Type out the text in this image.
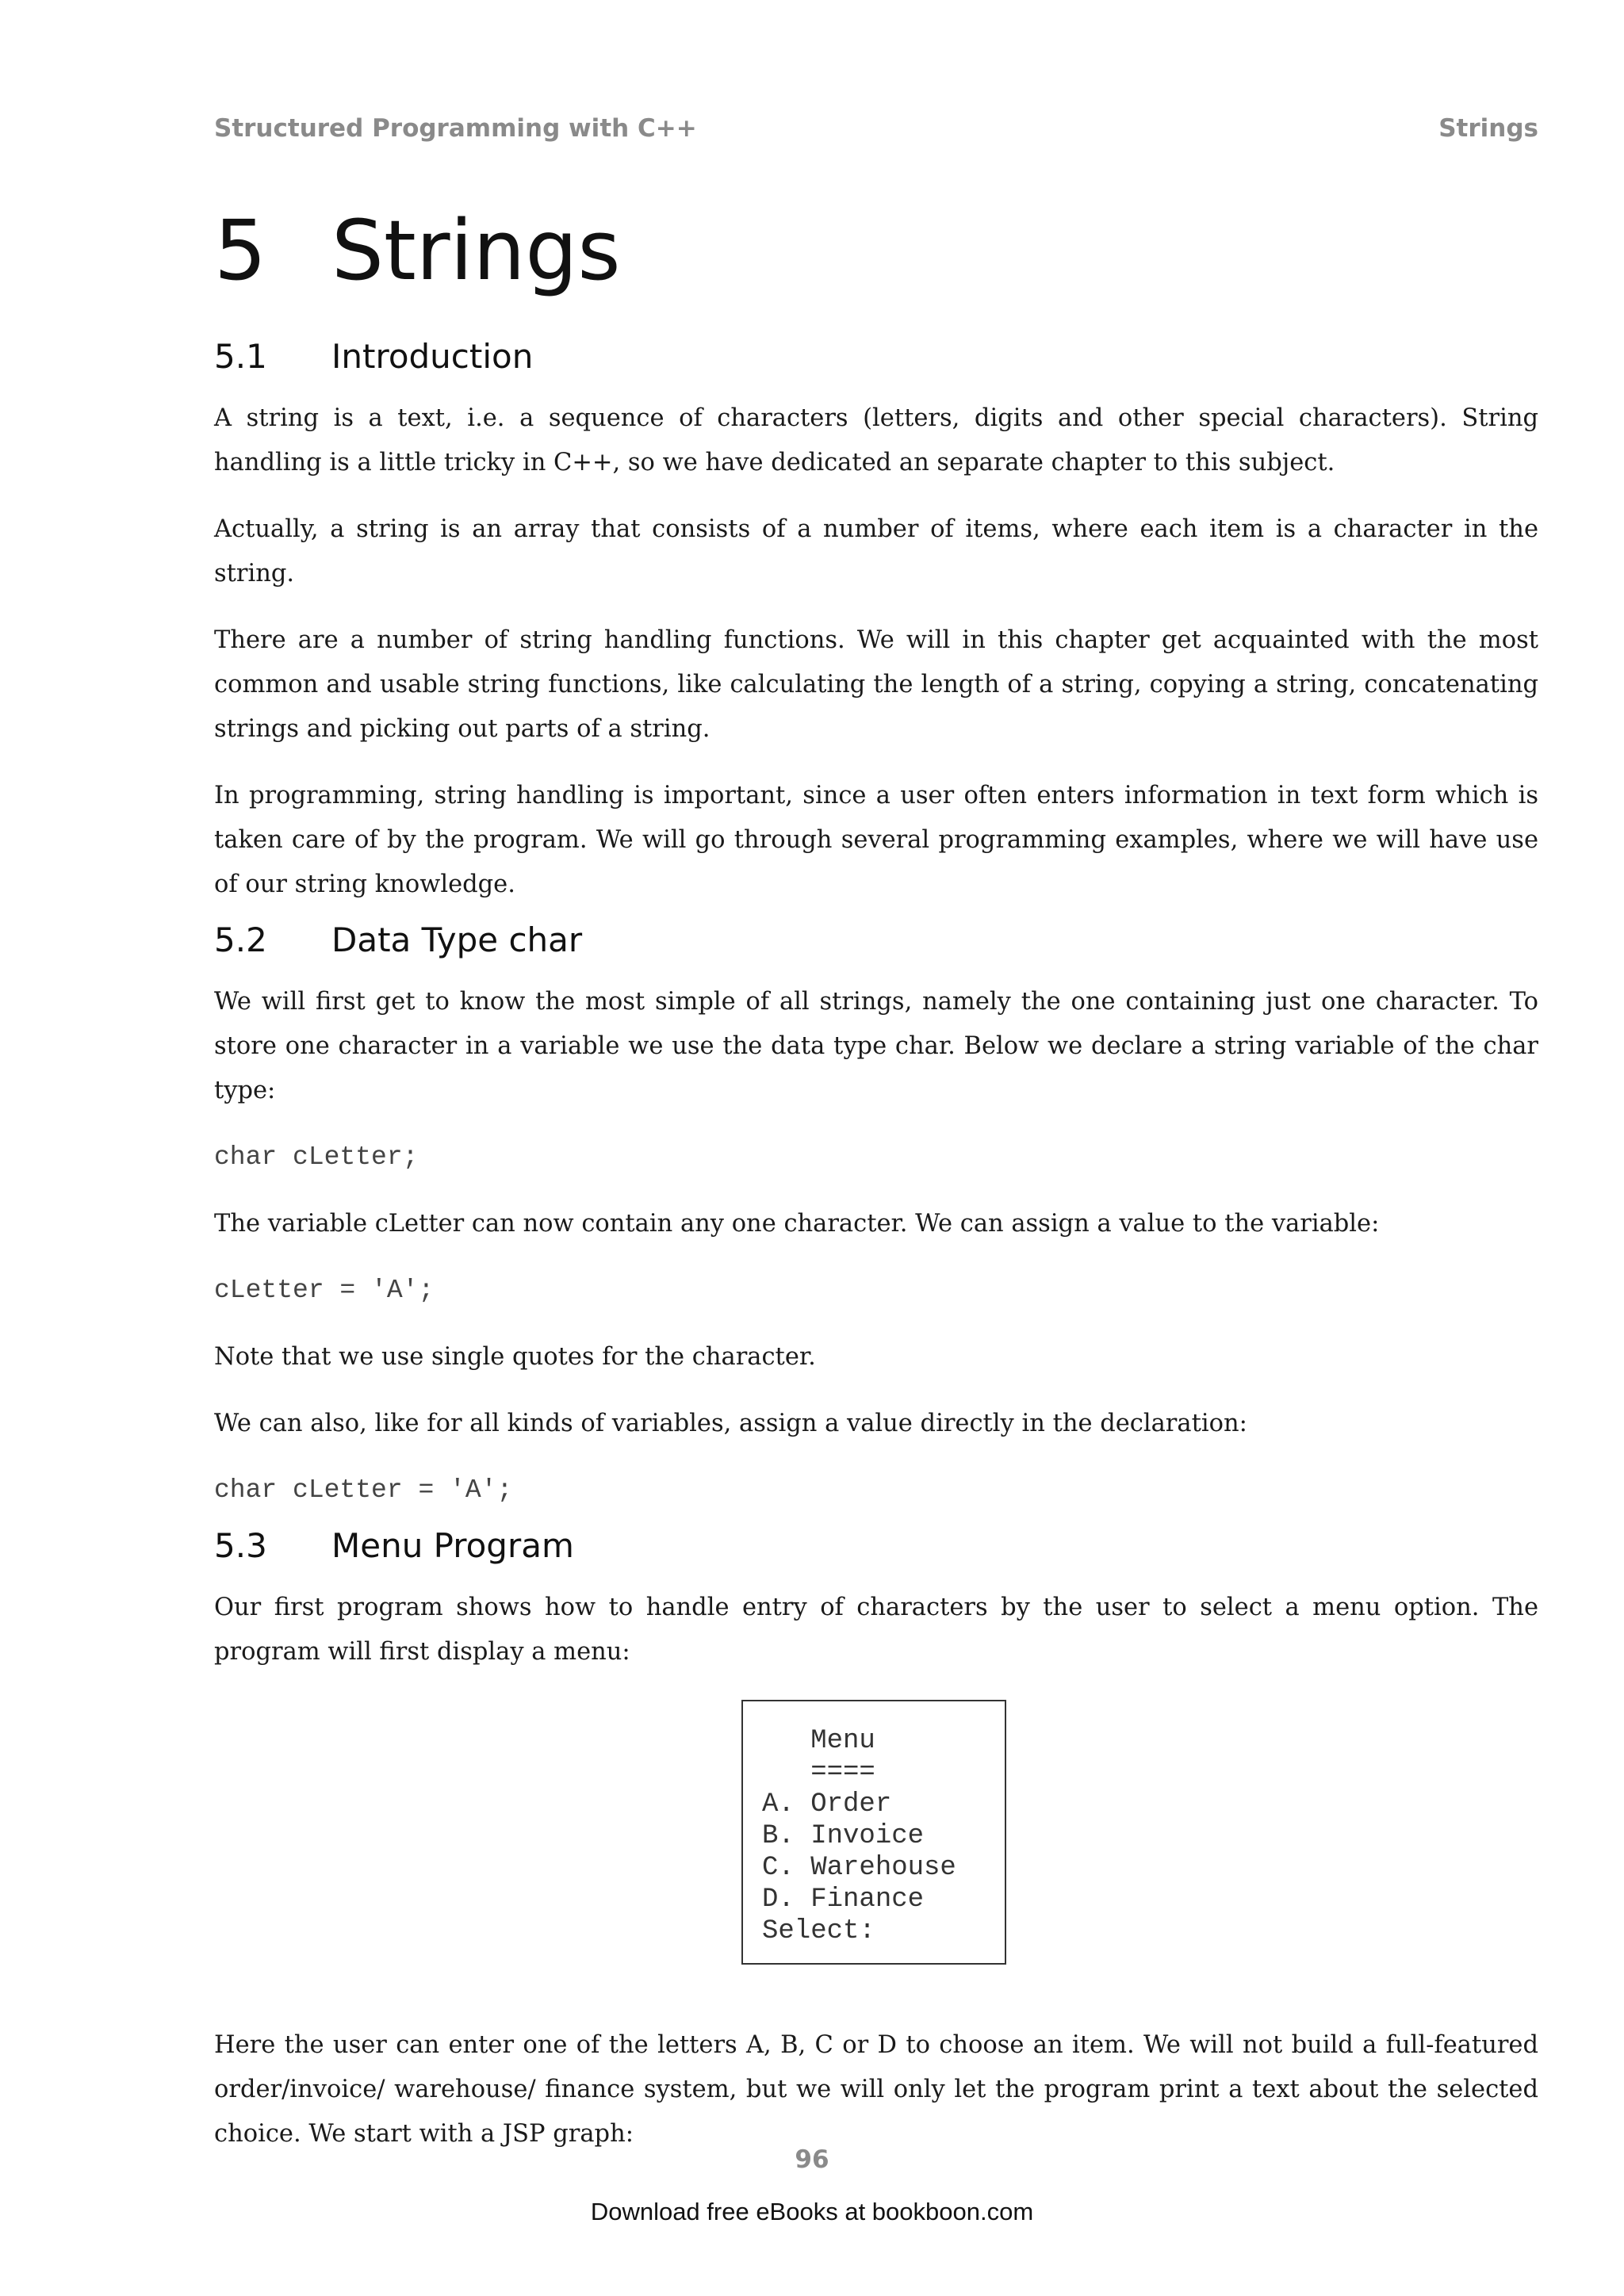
Structured Programming with C++	Strings
5 Strings
5.1 Introduction

A string is a text, i.e. a sequence of characters (letters, digits and other special characters). String handling is a little tricky in C++, so we have dedicated an separate chapter to this subject.

Actually, a string is an array that consists of a number of items, where each item is a character in the string.

There are a number of string handling functions. We will in this chapter get acquainted with the most common and usable string functions, like calculating the length of a string, copying a string, concatenating strings and picking out parts of a string.

In programming, string handling is important, since a user often enters information in text form which is taken care of by the program. We will go through several programming examples, where we will have use of our string knowledge.

5.2 Data Type char

We will first get to know the most simple of all strings, namely the one containing just one character. To store one character in a variable we use the data type char. Below we declare a string variable of the char type:

char cLetter;

The variable cLetter can now contain any one character. We can assign a value to the variable:

cLetter = 'A';

Note that we use single quotes for the character.

We can also, like for all kinds of variables, assign a value directly in the declaration:

char cLetter = 'A';
5.3 Menu Program

Our first program shows how to handle entry of characters by the user to select a menu option. The program will first display a menu:

Menu
====
A. Order
B. Invoice
C. Warehouse
D. Finance
Select:

Here the user can enter one of the letters A, B, C or D to choose an item. We will not build a full-featured order/invoice/ warehouse/ finance system, but we will only let the program print a text about the selected choice. We start with a JSP graph:

96
Download free eBooks at bookboon.com
